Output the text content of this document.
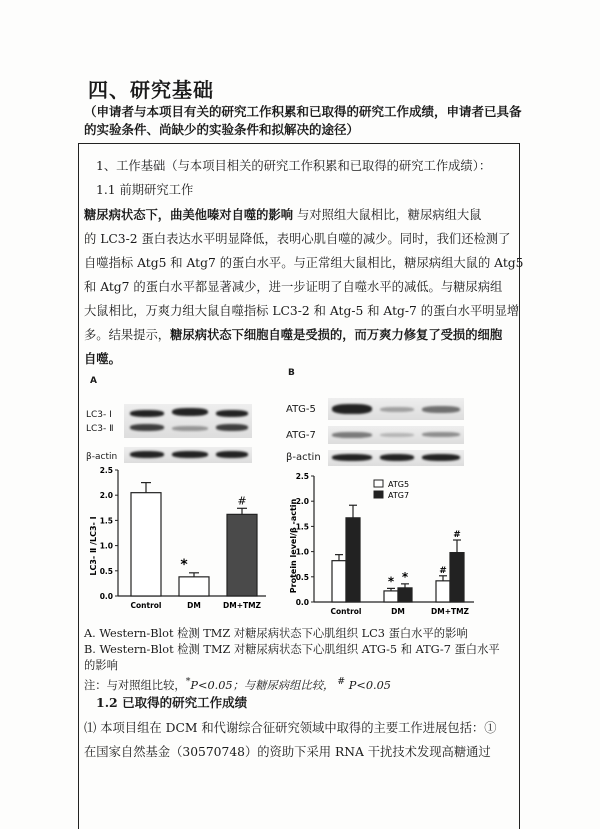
四、研究基础
（申请者与本项目有关的研究工作积累和已取得的研究工作成绩，申请者已具备
的实验条件、尚缺少的实验条件和拟解决的途径）
1、工作基础（与本项目相关的研究工作积累和已取得的研究工作成绩）：
1.1 前期研究工作
糖尿病状态下，曲美他嗪对自噬的影响 与对照组大鼠相比，糖尿病组大鼠
的 LC3-2 蛋白表达水平明显降低，表明心肌自噬的减少。同时，我们还检测了
自噬指标 Atg5 和 Atg7 的蛋白水平。与正常组大鼠相比，糖尿病组大鼠的 Atg5
和 Atg7 的蛋白水平都显著减少，进一步证明了自噬水平的减低。与糖尿病组
大鼠相比，万爽力组大鼠自噬指标 LC3-2 和 Atg-5 和 Atg-7 的蛋白水平明显增
多。结果提示，糖尿病状态下细胞自噬是受损的，而万爽力修复了受损的细胞
自噬。
A
LC3- Ⅰ
LC3- Ⅱ
β-actin
LC3- Ⅱ /LC3- Ⅰ
0.0
0.5
1.0
1.5
2.0
2.5
Control	DM	DM+TMZ
*
#
B
ATG-5
ATG-7
β-actin
Protein level/β -actin
0.0
0.5
1.0
1.5
2.0
2.5
Control
* *
DM
#
#
DM+TMZ
ATG5
ATG7
A. Western-Blot 检测 TMZ 对糖尿病状态下心肌组织 LC3 蛋白水平的影响
B. Western-Blot 检测 TMZ 对糖尿病状态下心肌组织 ATG-5 和 ATG-7 蛋白水平
的影响
注：与对照组比较，*P<0.05；与糖尿病组比较， # P<0.05
1.2 已取得的研究工作成绩
⑴ 本项目组在 DCM 和代谢综合征研究领域中取得的主要工作进展包括：①
在国家自然基金（30570748）的资助下采用 RNA 干扰技术发现高糖通过
